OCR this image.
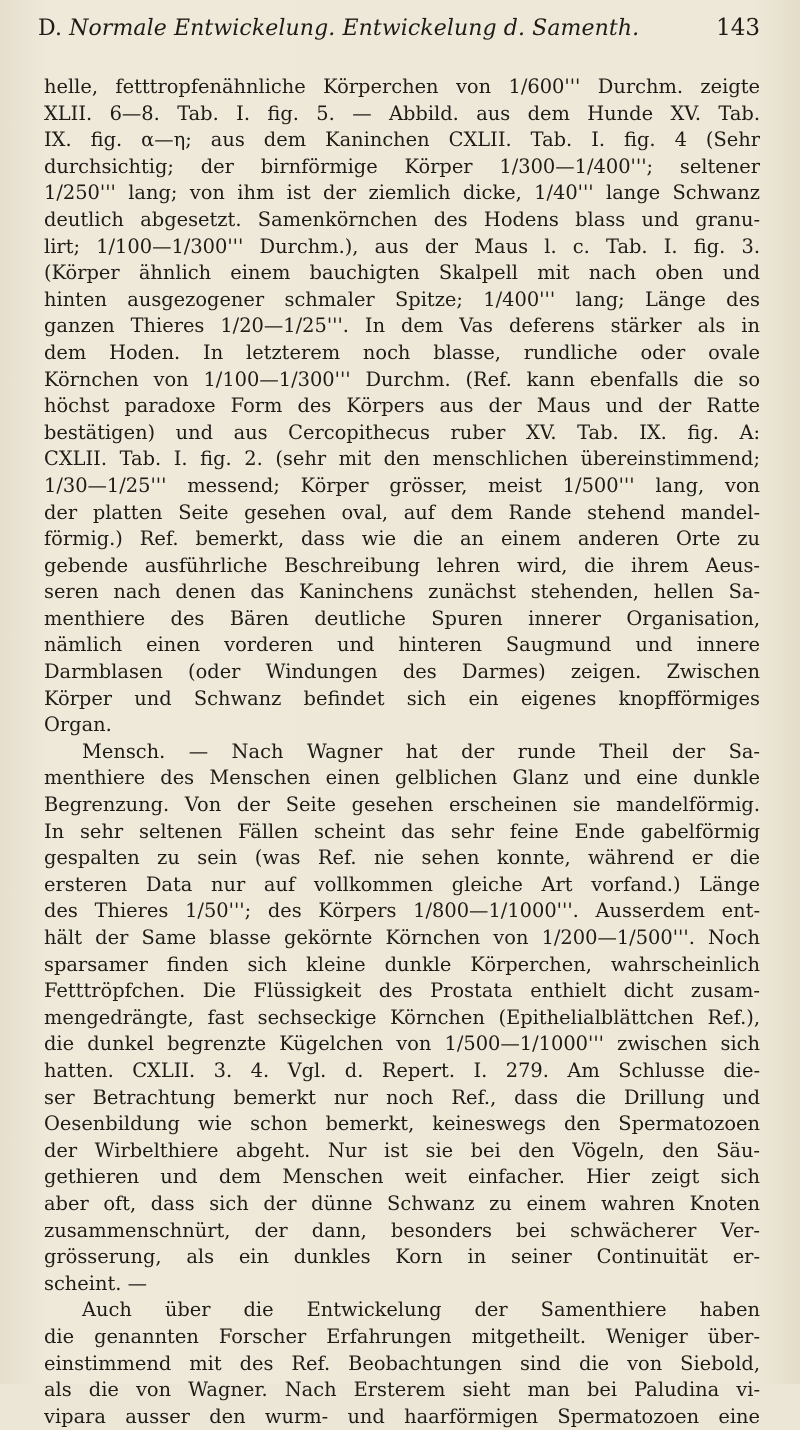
D. Normale Entwickelung. Entwickelung d. Samenth.	143
helle, fetttropfenähnliche Körperchen von 1/600''' Durchm. zeigte
XLII. 6—8. Tab. I. fig. 5. — Abbild. aus dem Hunde XV. Tab.
IX. fig. α—η; aus dem Kaninchen CXLII. Tab. I. fig. 4 (Sehr
durchsichtig; der birnförmige Körper 1/300—1/400'''; seltener
1/250''' lang; von ihm ist der ziemlich dicke, 1/40''' lange Schwanz
deutlich abgesetzt. Samenkörnchen des Hodens blass und granu-
lirt; 1/100—1/300''' Durchm.), aus der Maus l. c. Tab. I. fig. 3.
(Körper ähnlich einem bauchigten Skalpell mit nach oben und
hinten ausgezogener schmaler Spitze; 1/400''' lang; Länge des
ganzen Thieres 1/20—1/25'''. In dem Vas deferens stärker als in
dem Hoden. In letzterem noch blasse, rundliche oder ovale
Körnchen von 1/100—1/300''' Durchm. (Ref. kann ebenfalls die so
höchst paradoxe Form des Körpers aus der Maus und der Ratte
bestätigen) und aus Cercopithecus ruber XV. Tab. IX. fig. A:
CXLII. Tab. I. fig. 2. (sehr mit den menschlichen übereinstimmend;
1/30—1/25''' messend; Körper grösser, meist 1/500''' lang, von
der platten Seite gesehen oval, auf dem Rande stehend mandel-
förmig.) Ref. bemerkt, dass wie die an einem anderen Orte zu
gebende ausführliche Beschreibung lehren wird, die ihrem Aeus-
seren nach denen das Kaninchens zunächst stehenden, hellen Sa-
menthiere des Bären deutliche Spuren innerer Organisation,
nämlich einen vorderen und hinteren Saugmund und innere
Darmblasen (oder Windungen des Darmes) zeigen. Zwischen
Körper und Schwanz befindet sich ein eigenes knopfförmiges
Organ.
Mensch. — Nach Wagner hat der runde Theil der Sa-
menthiere des Menschen einen gelblichen Glanz und eine dunkle
Begrenzung. Von der Seite gesehen erscheinen sie mandelförmig.
In sehr seltenen Fällen scheint das sehr feine Ende gabelförmig
gespalten zu sein (was Ref. nie sehen konnte, während er die
ersteren Data nur auf vollkommen gleiche Art vorfand.) Länge
des Thieres 1/50'''; des Körpers 1/800—1/1000'''. Ausserdem ent-
hält der Same blasse gekörnte Körnchen von 1/200—1/500'''. Noch
sparsamer finden sich kleine dunkle Körperchen, wahrscheinlich
Fetttröpfchen. Die Flüssigkeit des Prostata enthielt dicht zusam-
mengedrängte, fast sechseckige Körnchen (Epithelialblättchen Ref.),
die dunkel begrenzte Kügelchen von 1/500—1/1000''' zwischen sich
hatten. CXLII. 3. 4. Vgl. d. Repert. I. 279. Am Schlusse die-
ser Betrachtung bemerkt nur noch Ref., dass die Drillung und
Oesenbildung wie schon bemerkt, keineswegs den Spermatozoen
der Wirbelthiere abgeht. Nur ist sie bei den Vögeln, den Säu-
gethieren und dem Menschen weit einfacher. Hier zeigt sich
aber oft, dass sich der dünne Schwanz zu einem wahren Knoten
zusammenschnürt, der dann, besonders bei schwächerer Ver-
grösserung, als ein dunkles Korn in seiner Continuität er-
scheint. —
Auch über die Entwickelung der Samenthiere haben
die genannten Forscher Erfahrungen mitgetheilt. Weniger über-
einstimmend mit des Ref. Beobachtungen sind die von Siebold,
als die von Wagner. Nach Ersterem sieht man bei Paludina vi-
vipara ausser den wurm- und haarförmigen Spermatozoen eine
